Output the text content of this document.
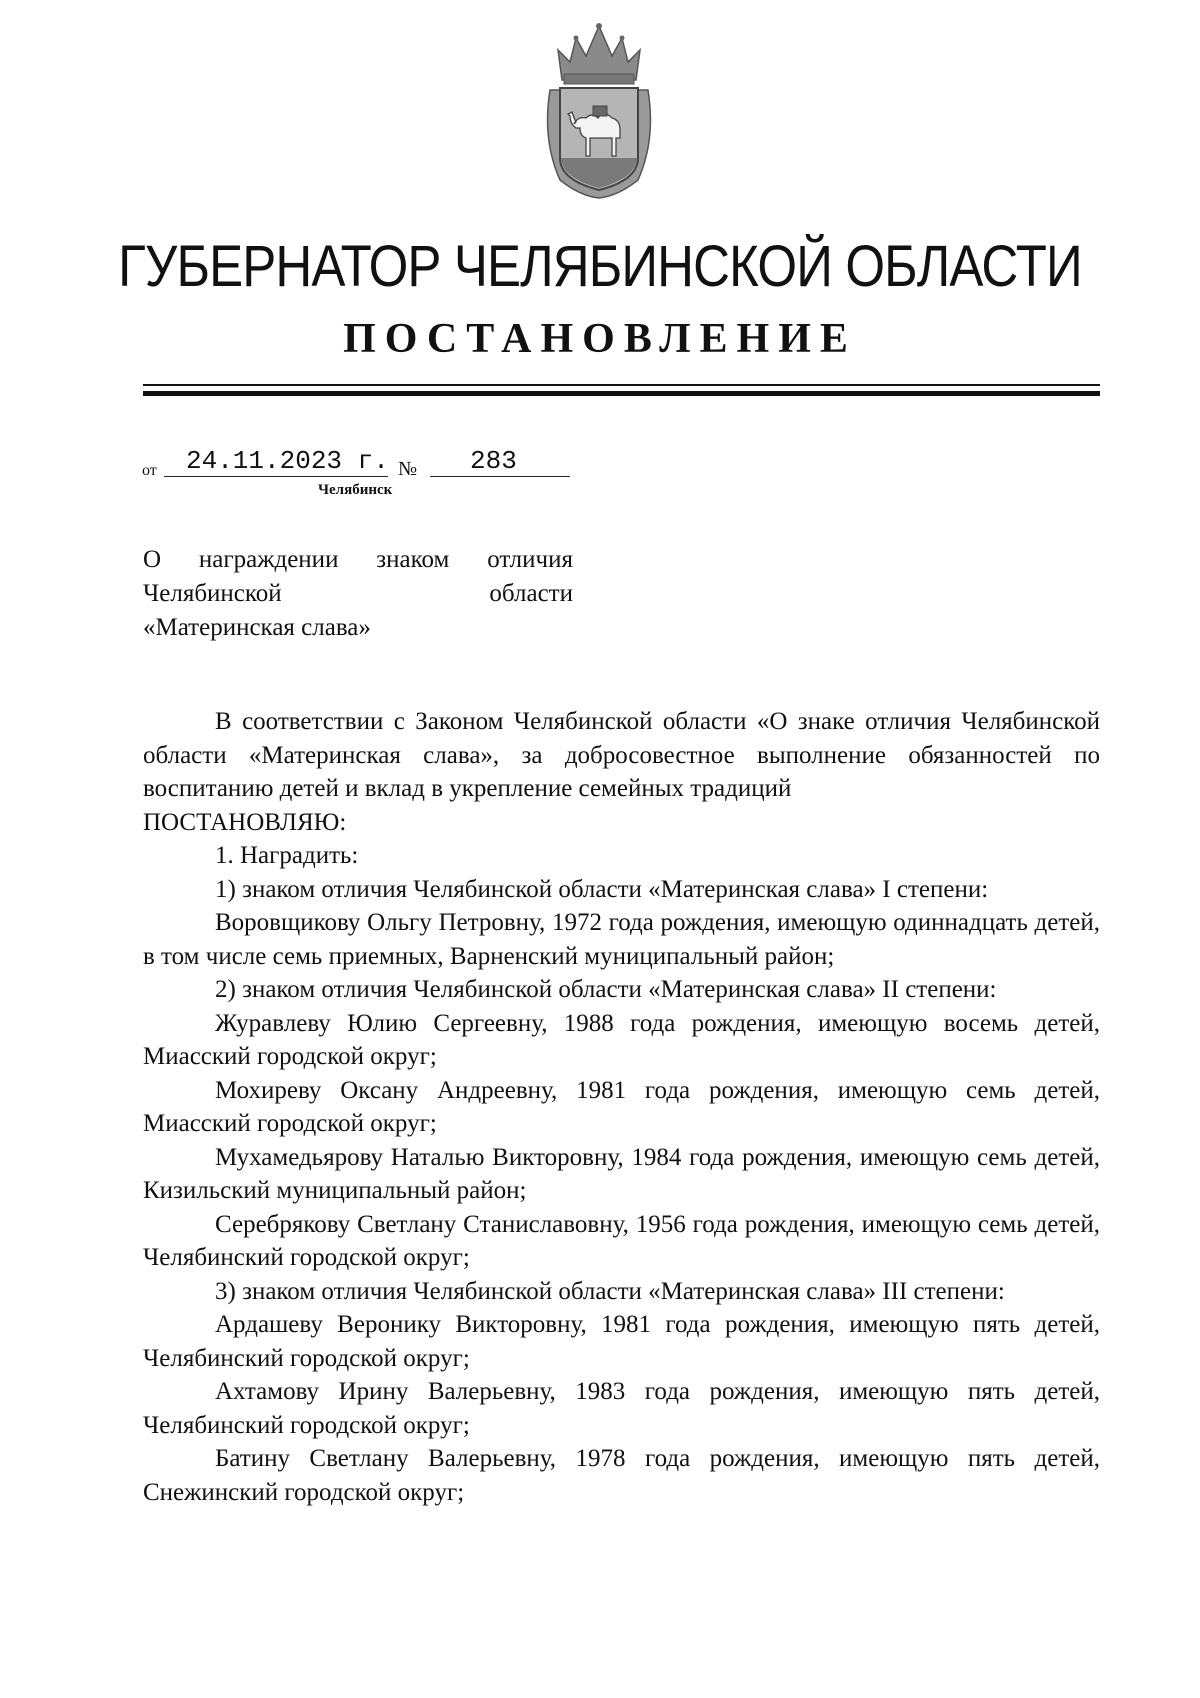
ГУБЕРНАТОР ЧЕЛЯБИНСКОЙ ОБЛАСТИ
ПОСТАНОВЛЕНИЕ
от 24.11.2023 г. № 283
Челябинск
О награждении знаком отличия
Челябинской	области
«Материнская слава»

В соответствии с Законом Челябинской области «О знаке отличия Челябинской области «Материнская слава», за добросовестное выполнение обязанностей по воспитанию детей и вклад в укрепление семейных традиций

ПОСТАНОВЛЯЮ:

1. Наградить:

1) знаком отличия Челябинской области «Материнская слава» I степени:

Воровщикову Ольгу Петровну, 1972 года рождения, имеющую одиннадцать детей, в том числе семь приемных, Варненский муниципальный район;

2) знаком отличия Челябинской области «Материнская слава» II степени:

Журавлеву Юлию Сергеевну, 1988 года рождения, имеющую восемь детей, Миасский городской округ;

Мохиреву Оксану Андреевну, 1981 года рождения, имеющую семь детей, Миасский городской округ;

Мухамедьярову Наталью Викторовну, 1984 года рождения, имеющую семь детей, Кизильский муниципальный район;

Серебрякову Светлану Станиславовну, 1956 года рождения, имеющую семь детей, Челябинский городской округ;

3) знаком отличия Челябинской области «Материнская слава» III степени:

Ардашеву Веронику Викторовну, 1981 года рождения, имеющую пять детей, Челябинский городской округ;

Ахтамову Ирину Валерьевну, 1983 года рождения, имеющую пять детей, Челябинский городской округ;

Батину Светлану Валерьевну, 1978 года рождения, имеющую пять детей, Снежинский городской округ;
